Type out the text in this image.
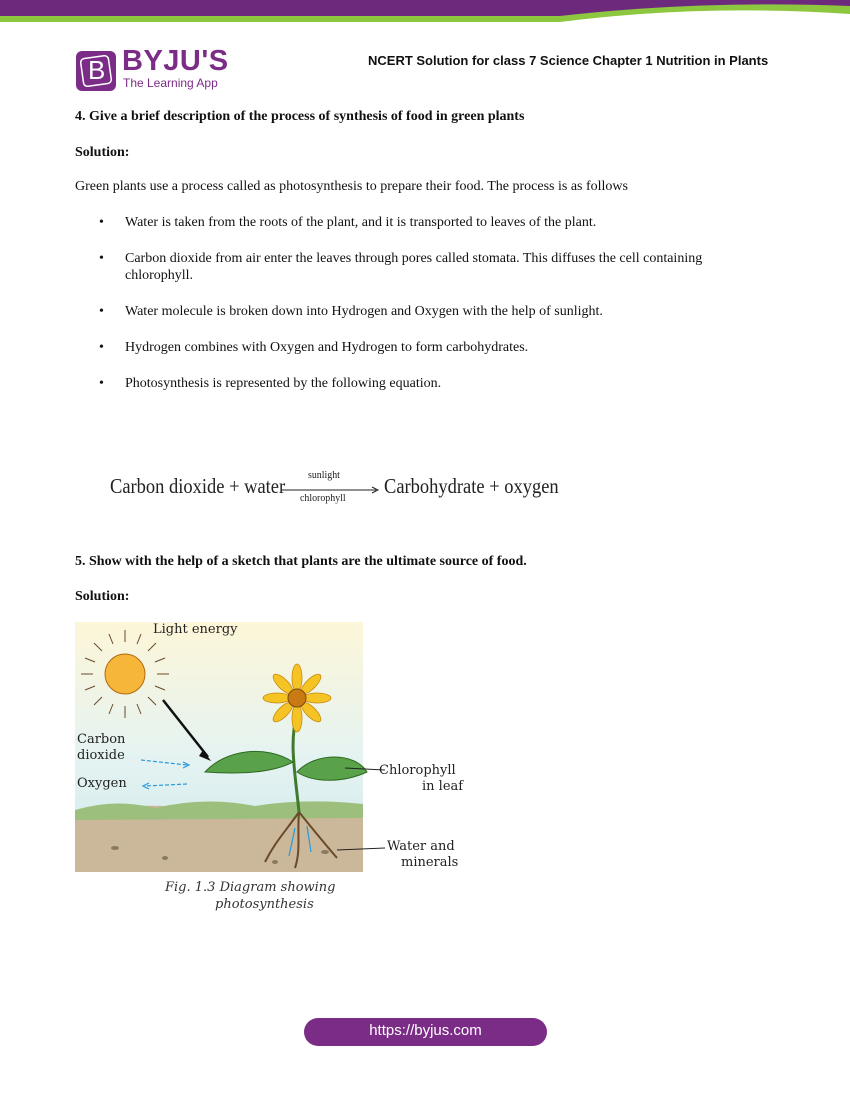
B BYJU'S
The Learning App
NCERT Solution for class 7 Science Chapter 1 Nutrition in Plants
4. Give a brief description of the process of synthesis of food in green plants
Solution:
Green plants use a process called as photosynthesis to prepare their food. The process is as follows
• Water is taken from the roots of the plant, and it is transported to leaves of the plant.
• Carbon dioxide from air enter the leaves through pores called stomata. This diffuses the cell containing
chlorophyll.
• Water molecule is broken down into Hydrogen and Oxygen with the help of sunlight.
• Hydrogen combines with Oxygen and Hydrogen to form carbohydrates.
• Photosynthesis is represented by the following equation.
Carbon dioxide + water sunlight
chlorophyll Carbohydrate + oxygen
5. Show with the help of a sketch that plants are the ultimate source of food.
Solution:
Light energy
Carbon
dioxide
Oxygen
Chlorophyll
in leaf
Water and
minerals
Fig. 1.3 Diagram showing
photosynthesis
https://byjus.com
